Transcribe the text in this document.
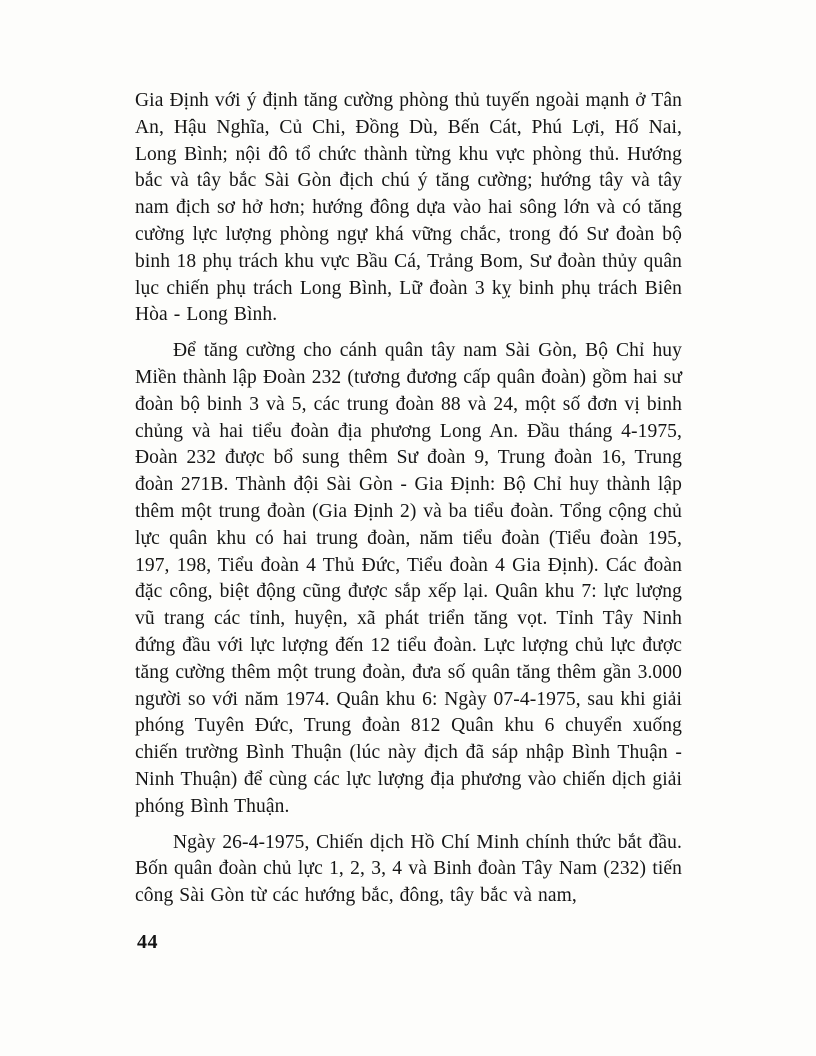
Gia Định với ý định tăng cường phòng thủ tuyến ngoài mạnh ở Tân An, Hậu Nghĩa, Củ Chi, Đồng Dù, Bến Cát, Phú Lợi, Hố Nai, Long Bình; nội đô tổ chức thành từng khu vực phòng thủ. Hướng bắc và tây bắc Sài Gòn địch chú ý tăng cường; hướng tây và tây nam địch sơ hở hơn; hướng đông dựa vào hai sông lớn và có tăng cường lực lượng phòng ngự khá vững chắc, trong đó Sư đoàn bộ binh 18 phụ trách khu vực Bầu Cá, Trảng Bom, Sư đoàn thủy quân lục chiến phụ trách Long Bình, Lữ đoàn 3 kỵ binh phụ trách Biên Hòa - Long Bình.

Để tăng cường cho cánh quân tây nam Sài Gòn, Bộ Chỉ huy Miền thành lập Đoàn 232 (tương đương cấp quân đoàn) gồm hai sư đoàn bộ binh 3 và 5, các trung đoàn 88 và 24, một số đơn vị binh chủng và hai tiểu đoàn địa phương Long An. Đầu tháng 4-1975, Đoàn 232 được bổ sung thêm Sư đoàn 9, Trung đoàn 16, Trung đoàn 271B. Thành đội Sài Gòn - Gia Định: Bộ Chỉ huy thành lập thêm một trung đoàn (Gia Định 2) và ba tiểu đoàn. Tổng cộng chủ lực quân khu có hai trung đoàn, năm tiểu đoàn (Tiểu đoàn 195, 197, 198, Tiểu đoàn 4 Thủ Đức, Tiểu đoàn 4 Gia Định). Các đoàn đặc công, biệt động cũng được sắp xếp lại. Quân khu 7: lực lượng vũ trang các tỉnh, huyện, xã phát triển tăng vọt. Tỉnh Tây Ninh đứng đầu với lực lượng đến 12 tiểu đoàn. Lực lượng chủ lực được tăng cường thêm một trung đoàn, đưa số quân tăng thêm gần 3.000 người so với năm 1974. Quân khu 6: Ngày 07-4-1975, sau khi giải phóng Tuyên Đức, Trung đoàn 812 Quân khu 6 chuyển xuống chiến trường Bình Thuận (lúc này địch đã sáp nhập Bình Thuận - Ninh Thuận) để cùng các lực lượng địa phương vào chiến dịch giải phóng Bình Thuận.

Ngày 26-4-1975, Chiến dịch Hồ Chí Minh chính thức bắt đầu. Bốn quân đoàn chủ lực 1, 2, 3, 4 và Binh đoàn Tây Nam (232) tiến công Sài Gòn từ các hướng bắc, đông, tây bắc và nam,

44
